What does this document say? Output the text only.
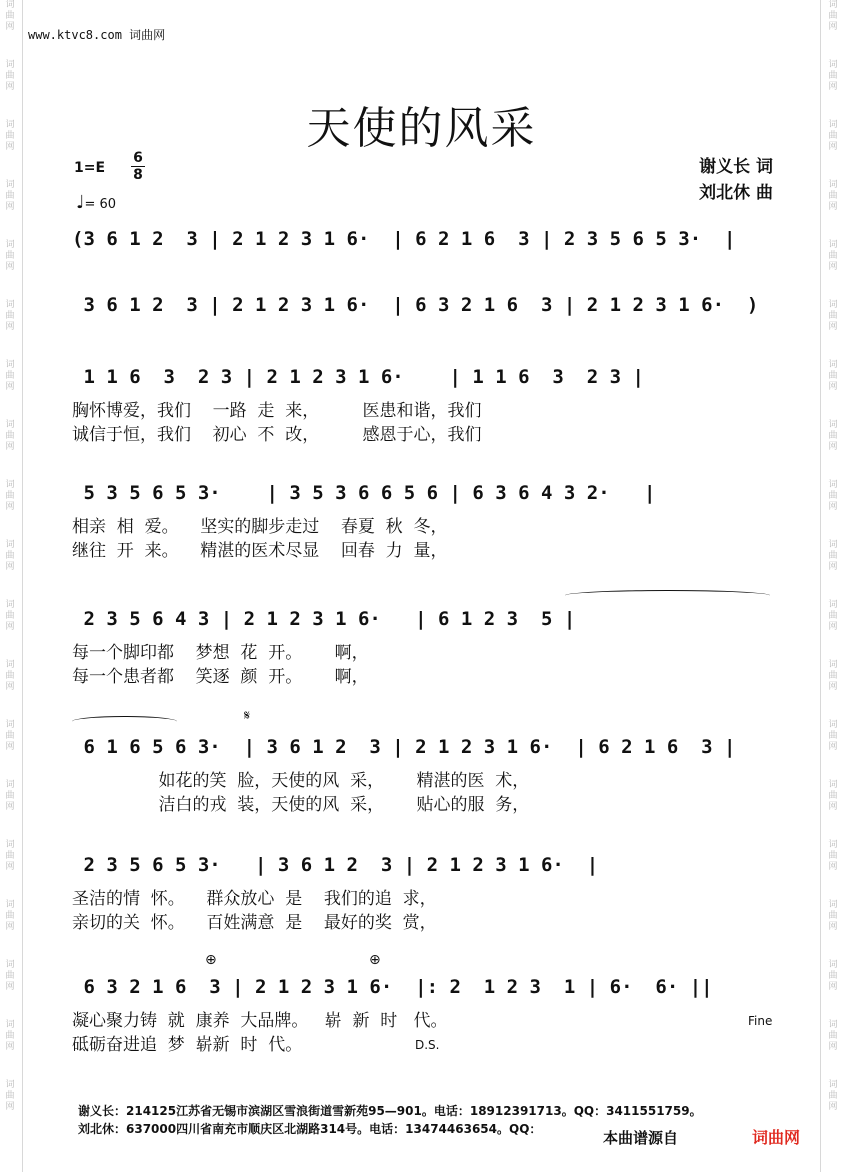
词曲网
词曲网
词曲网
词曲网
词曲网
词曲网
词曲网
词曲网
词曲网
词曲网
词曲网
词曲网
词曲网
词曲网
词曲网
词曲网
词曲网
词曲网
词曲网
词曲网
词曲网
词曲网
词曲网
词曲网
词曲网
词曲网
词曲网
词曲网
词曲网
词曲网
词曲网
词曲网
词曲网
词曲网
词曲网
词曲网
词曲网
词曲网
www.ktvc8.com 词曲网
天使的风采
谢义长 词
刘北休 曲
1=E
6
8
♩= 60
(3 6 1 2  3 | 2 1 2 3 1 6·  | 6 2 1 6  3 | 2 3 5 6 5 3·  |
3 6 1 2  3 | 2 1 2 3 1 6·  | 6 3 2 1 6  3 | 2 1 2 3 1 6·  )
1 1 6  3  2 3 | 2 1 2 3 1 6·    | 1 1 6  3  2 3 |
胸怀博爱，我们    一路  走  来，        医患和谐，我们
诚信于恒，我们    初心  不  改，        感恩于心，我们
5 3 5 6 5 3·    | 3 5 3 6 6 5 6 | 6 3 6 4 3 2·   |
相亲  相  爱。    坚实的脚步走过    春夏  秋  冬，
继往  开  来。    精湛的医术尽显    回春  力  量，
2 3 5 6 4 3 | 2 1 2 3 1 6·   | 6 1 2 3  5 |
每一个脚印都    梦想  花  开。      啊，
每一个患者都    笑逐  颜  开。      啊，
𝄋
6 1 6 5 6 3·  | 3 6 1 2  3 | 2 1 2 3 1 6·  | 6 2 1 6  3 |
如花的笑  脸，天使的风  采，      精湛的医  术，
洁白的戎  装，天使的风  采，      贴心的服  务，
2 3 5 6 5 3·   | 3 6 1 2  3 | 2 1 2 3 1 6·  |
圣洁的情  怀。    群众放心  是    我们的追  求，
亲切的关  怀。    百姓满意  是    最好的奖  赏，
⊕	⊕
6 3 2 1 6  3 | 2 1 2 3 1 6·  |: 2  1 2 3  1 | 6·  6· ||
凝心聚力铸  就  康养  大品牌。   崭  新  时   代。
砥砺奋进追  梦  崭新  时  代。
Fine
D.S.
谢义长：214125江苏省无锡市滨湖区雪浪街道雪新苑95—901。电话：18912391713。QQ：3411551759。
刘北休：637000四川省南充市顺庆区北湖路314号。电话：13474463654。QQ：	本曲谱源自	词曲网
